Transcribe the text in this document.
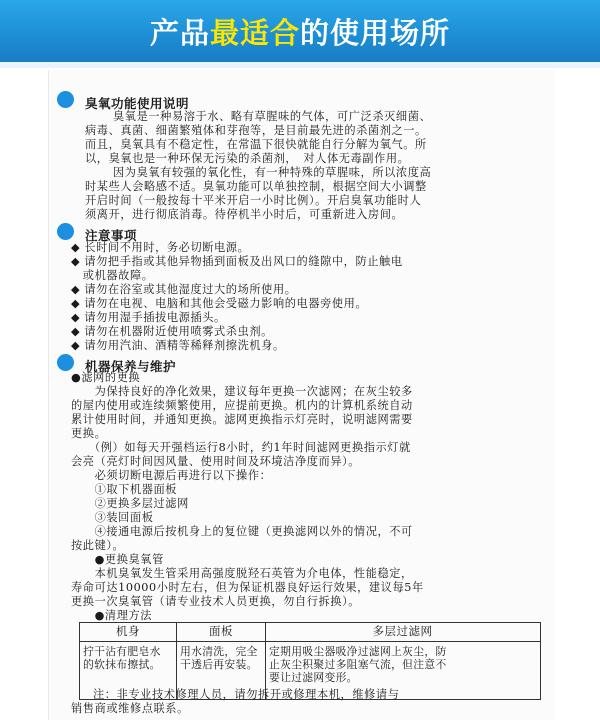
产品最适合的使用场所
臭氧功能使用说明
臭氧是一种易溶于水、略有草腥味的气体，可广泛杀灭细菌、
病毒、真菌、细菌繁殖体和芽孢等，是目前最先进的杀菌剂之一。
而且，臭氧具有不稳定性，在常温下很快就能自行分解为氧气。所
以，臭氧也是一种环保无污染的杀菌剂，　对人体无毒副作用。
因为臭氧有较强的氧化性，有一种特殊的草腥味，所以浓度高
时某些人会略感不适。臭氧功能可以单独控制，根据空间大小调整
开启时间（一般按每十平米开启一小时比例）。开启臭氧功能时人
须离开，进行彻底消毒。待停机半小时后，可重新进入房间。
注意事项
◆ 长时间不用时，务必切断电源。
◆ 请勿把手指或其他异物插到面板及出风口的缝隙中，防止触电
　或机器故障。
◆ 请勿在浴室或其他湿度过大的场所使用。
◆ 请勿在电视、电脑和其他会受磁力影响的电器旁使用。
◆ 请勿用湿手插拔电源插头。
◆ 请勿在机器附近使用喷雾式杀虫剂。
◆ 请勿用汽油、酒精等稀释剂擦洗机身。
机器保养与维护
●滤网的更换
　　为保持良好的净化效果，建议每年更换一次滤网；在灰尘较多
的屋内使用或连续频繁使用，应提前更换。机内的计算机系统自动
累计使用时间，并通知更换。滤网更换指示灯亮时，说明滤网需要
更换。
　　（例）如每天开强档运行8小时，约1年时间滤网更换指示灯就
会亮（亮灯时间因风量、使用时间及环境洁净度而异）。
　　必须切断电源后再进行以下操作：
　　①取下机器面板
　　②更换多层过滤网
　　③装回面板
　　④接通电源后按机身上的复位键（更换滤网以外的情况，不可
按此键）。
　　●更换臭氧管
　　本机臭氧发生管采用高强度脱羟石英管为介电体，性能稳定，
寿命可达10000小时左右，但为保证机器良好运行效果，建议每5年
更换一次臭氧管（请专业技术人员更换，勿自行拆换）。
　　●清理方法
机身	面板	多层过滤网
拧干沾有肥皂水
的软抹布擦拭。
用水清洗，完全
干透后再安装。
定期用吸尘器吸净过滤网上灰尘，防
止灰尘积聚过多阻塞气流，但注意不
要让过滤网变形。
注：非专业技术修理人员，请勿拆开或修理本机，维修请与
销售商或维修点联系。
